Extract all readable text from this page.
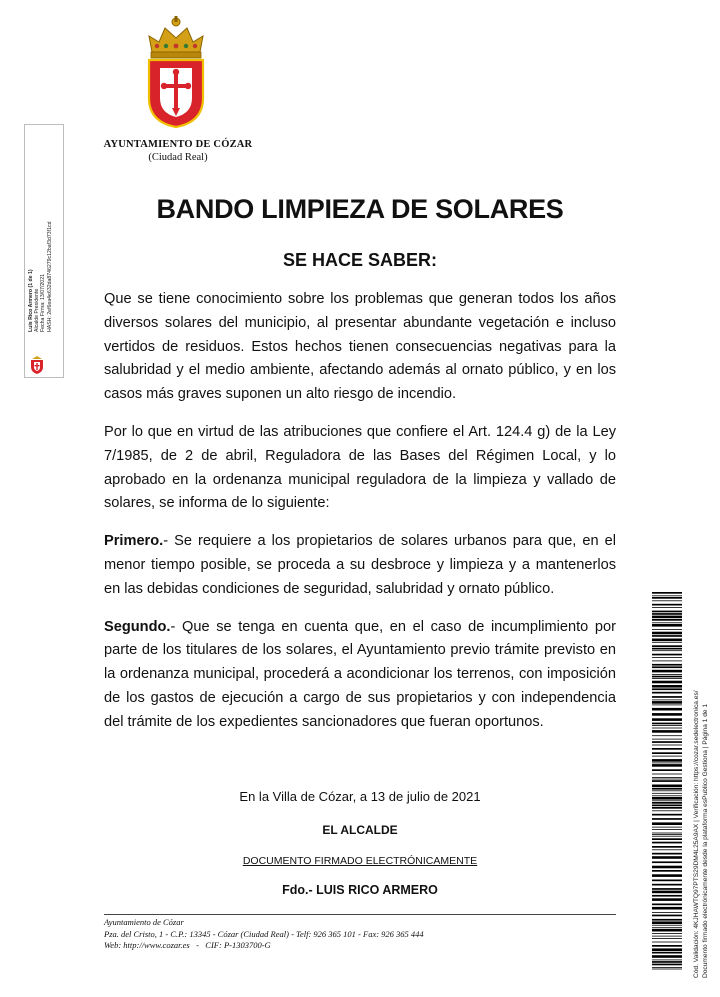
AYUNTAMIENTO DE CÓZAR
(Ciudad Real)
Luis Rico Armero (1 de 1) Alcalde Presidente Fecha Firma: 13/07/2021 HASH: 2ef6ea4e632da8746279c12baf3d73f1cd
BANDO LIMPIEZA DE SOLARES
SE HACE SABER:

Que se tiene conocimiento sobre los problemas que generan todos los años diversos solares del municipio, al presentar abundante vegetación e incluso vertidos de residuos. Estos hechos tienen consecuencias negativas para la salubridad y el medio ambiente, afectando además al ornato público, y en los casos más graves suponen un alto riesgo de incendio.

Por lo que en virtud de las atribuciones que confiere el Art. 124.4 g) de la Ley 7/1985, de 2 de abril, Reguladora de las Bases del Régimen Local, y lo aprobado en la ordenanza municipal reguladora de la limpieza y vallado de solares, se informa de lo siguiente:

Primero.- Se requiere a los propietarios de solares urbanos para que, en el menor tiempo posible, se proceda a su desbroce y limpieza y a mantenerlos en las debidas condiciones de seguridad, salubridad y ornato público.

Segundo.- Que se tenga en cuenta que, en el caso de incumplimiento por parte de los titulares de los solares, el Ayuntamiento previo trámite previsto en la ordenanza municipal, procederá a acondicionar los terrenos, con imposición de los gastos de ejecución a cargo de sus propietarios y con independencia del trámite de los expedientes sancionadores que fueran oportunos.

En la Villa de Cózar, a 13 de julio de 2021
EL ALCALDE
DOCUMENTO FIRMADO ELECTRÓNICAMENTE
Fdo.- LUIS RICO ARMERO
Ayuntamiento de Cózar
Pza. del Cristo, 1 - C.P.: 13345 - Cózar (Ciudad Real) - Telf: 926 365 101 - Fax: 926 365 444
Web: http://www.cozar.es   -   CIF: P-1303700-G	Cód. Validación: 4KJHAWTQ97PTS29DM4L25A9AX | Verificación: https://cozar.sedelectronica.es/ Documento firmado electrónicamente desde la plataforma esPublico Gestiona | Página 1 de 1
